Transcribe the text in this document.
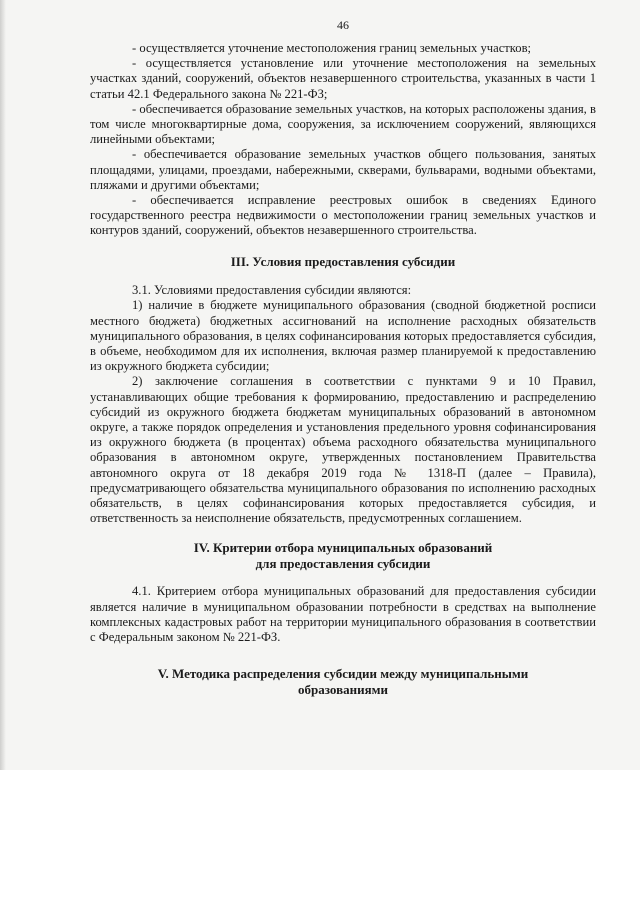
46

- осуществляется уточнение местоположения границ земельных участков;

- осуществляется установление или уточнение местоположения на земельных участках зданий, сооружений, объектов незавершенного строительства, указанных в части 1 статьи 42.1 Федерального закона № 221-ФЗ;

- обеспечивается образование земельных участков, на которых расположены здания, в том числе многоквартирные дома, сооружения, за исключением сооружений, являющихся линейными объектами;

- обеспечивается образование земельных участков общего пользования, занятых площадями, улицами, проездами, набережными, скверами, бульварами, водными объектами, пляжами и другими объектами;

- обеспечивается исправление реестровых ошибок в сведениях Единого государственного реестра недвижимости о местоположении границ земельных участков и контуров зданий, сооружений, объектов незавершенного строительства.

III. Условия предоставления субсидии

3.1. Условиями предоставления субсидии являются:

1) наличие в бюджете муниципального образования (сводной бюджетной росписи местного бюджета) бюджетных ассигнований на исполнение расходных обязательств муниципального образования, в целях софинансирования которых предоставляется субсидия, в объеме, необходимом для их исполнения, включая размер планируемой к предоставлению из окружного бюджета субсидии;

2) заключение соглашения в соответствии с пунктами 9 и 10 Правил, устанавливающих общие требования к формированию, предоставлению и распределению субсидий из окружного бюджета бюджетам муниципальных образований в автономном округе, а также порядок определения и установления предельного уровня софинансирования из окружного бюджета (в процентах) объема расходного обязательства муниципального образования в автономном округе, утвержденных постановлением Правительства автономного округа от 18 декабря 2019 года № 1318-П (далее – Правила), предусматривающего обязательства муниципального образования по исполнению расходных обязательств, в целях софинансирования которых предоставляется субсидия, и ответственность за неисполнение обязательств, предусмотренных соглашением.

IV. Критерии отбора муниципальных образований
для предоставления субсидии

4.1. Критерием отбора муниципальных образований для предоставления субсидии является наличие в муниципальном образовании потребности в средствах на выполнение комплексных кадастровых работ на территории муниципального образования в соответствии с Федеральным законом № 221-ФЗ.

V. Методика распределения субсидии между муниципальными
образованиями
